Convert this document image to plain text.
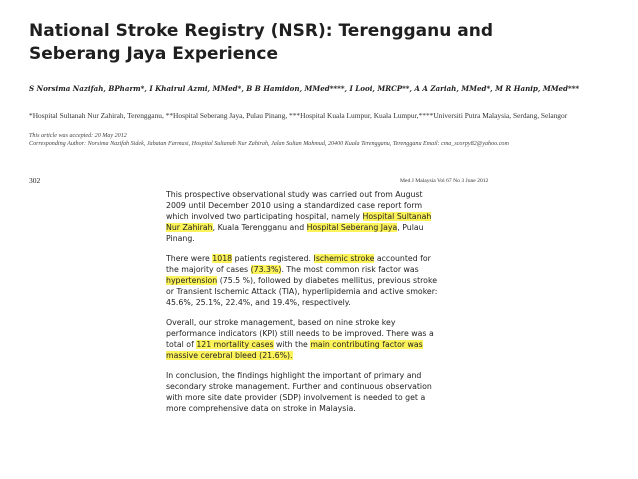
National Stroke Registry (NSR): Terengganu and Seberang Jaya Experience

S Norsima Nazifah, BPharm*, I Khairul Azmi, MMed*, B B Hamidon, MMed****, I Looi, MRCP**, A A Zariah, MMed*, M R Hanip, MMed***

*Hospital Sultanah Nur Zahirah, Terengganu, **Hospital Seberang Jaya, Pulau Pinang, ***Hospital Kuala Lumpur, Kuala Lumpur,****Universiti Putra Malaysia, Serdang, Selangor

This article was accepted: 20 May 2012

Corresponding Author: Norsima Nazifah Sidek, Jabatan Farmasi, Hospital Sultanah Nur Zahirah, Jalan Sultan Mahmud, 20400 Kuala Terengganu, Terengganu Email: cma_scorpy82@yahoo.com

302	Med J Malaysia Vol 67 No 3 June 2012

This prospective observational study was carried out from August 2009 until December 2010 using a standardized case report form which involved two participating hospital, namely Hospital Sultanah Nur Zahirah, Kuala Terengganu and Hospital Seberang Jaya, Pulau Pinang.

There were 1018 patients registered. Ischemic stroke accounted for the majority of cases (73.3%). The most common risk factor was hypertension (75.5 %), followed by diabetes mellitus, previous stroke or Transient Ischemic Attack (TIA), hyperlipidemia and active smoker: 45.6%, 25.1%, 22.4%, and 19.4%, respectively.

Overall, our stroke management, based on nine stroke key performance indicators (KPI) still needs to be improved. There was a total of 121 mortality cases with the main contributing factor was massive cerebral bleed (21.6%).

In conclusion, the findings highlight the important of primary and secondary stroke management. Further and continuous observation with more site date provider (SDP) involvement is needed to get a more comprehensive data on stroke in Malaysia.
